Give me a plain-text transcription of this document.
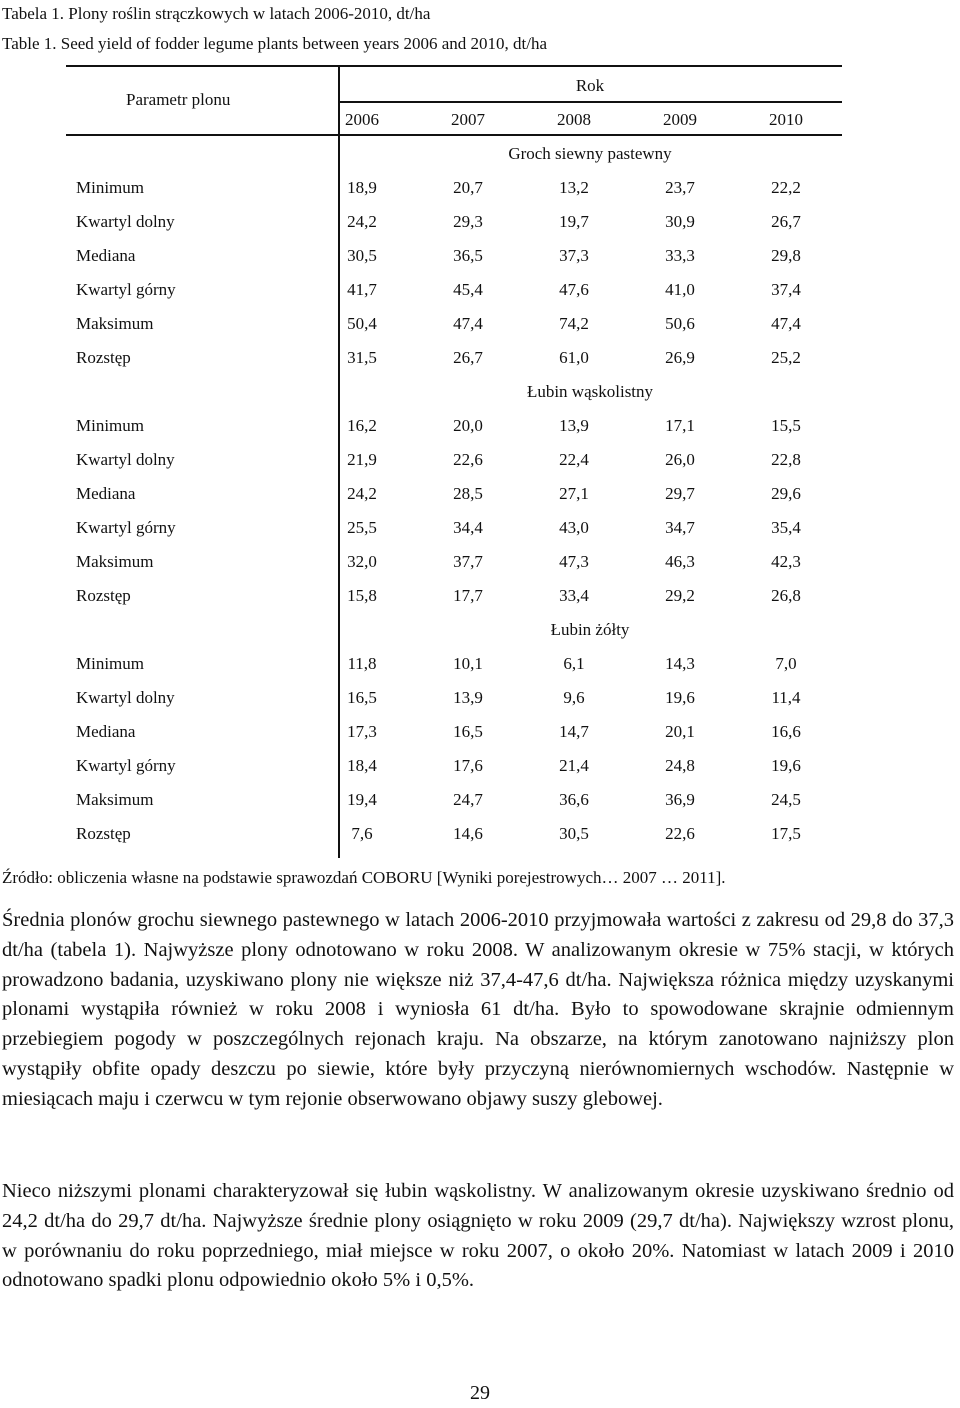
Tabela 1. Plony roślin strączkowych w latach 2006-2010, dt/ha
Table 1. Seed yield of fodder legume plants between years 2006 and 2010, dt/ha
Parametr plonu
Rok
2006	2007	2008	2009	2010
Groch siewny pastewny
Minimum	18,9	20,7	13,2	23,7	22,2
Kwartyl dolny	24,2	29,3	19,7	30,9	26,7
Mediana	30,5	36,5	37,3	33,3	29,8
Kwartyl górny	41,7	45,4	47,6	41,0	37,4
Maksimum	50,4	47,4	74,2	50,6	47,4
Rozstęp	31,5	26,7	61,0	26,9	25,2
Łubin wąskolistny
Minimum	16,2	20,0	13,9	17,1	15,5
Kwartyl dolny	21,9	22,6	22,4	26,0	22,8
Mediana	24,2	28,5	27,1	29,7	29,6
Kwartyl górny	25,5	34,4	43,0	34,7	35,4
Maksimum	32,0	37,7	47,3	46,3	42,3
Rozstęp	15,8	17,7	33,4	29,2	26,8
Łubin żółty
Minimum	11,8	10,1	6,1	14,3	7,0
Kwartyl dolny	16,5	13,9	9,6	19,6	11,4
Mediana	17,3	16,5	14,7	20,1	16,6
Kwartyl górny	18,4	17,6	21,4	24,8	19,6
Maksimum	19,4	24,7	36,6	36,9	24,5
Rozstęp	7,6	14,6	30,5	22,6	17,5
Źródło: obliczenia własne na podstawie sprawozdań COBORU [Wyniki porejestrowych… 2007 … 2011].
Średnia plonów grochu siewnego pastewnego w latach 2006-2010 przyjmowała wartości z zakresu od 29,8 do 37,3 dt/ha (tabela 1). Najwyższe plony odnotowano w roku 2008. W analizowanym okresie w 75% stacji, w których prowadzono badania, uzyskiwano plony nie większe niż 37,4-47,6 dt/ha. Największa różnica między uzyskanymi plonami wystąpiła również w roku 2008 i wyniosła 61 dt/ha. Było to spowodowane skrajnie odmiennym przebiegiem pogody w poszczególnych rejonach kraju. Na obszarze, na którym zanotowano najniższy plon wystąpiły obfite opady deszczu po siewie, które były przyczyną nierównomiernych wschodów. Następnie w miesiącach maju i czerwcu w tym rejonie obserwowano objawy suszy glebowej.
Nieco niższymi plonami charakteryzował się łubin wąskolistny. W analizowanym okresie uzyskiwano średnio od 24,2 dt/ha do 29,7 dt/ha. Najwyższe średnie plony osiągnięto w roku 2009 (29,7 dt/ha). Największy wzrost plonu, w porównaniu do roku poprzedniego, miał miejsce w roku 2007, o około 20%. Natomiast w latach 2009 i 2010 odnotowano spadki plonu odpowiednio około 5% i 0,5%.
29
